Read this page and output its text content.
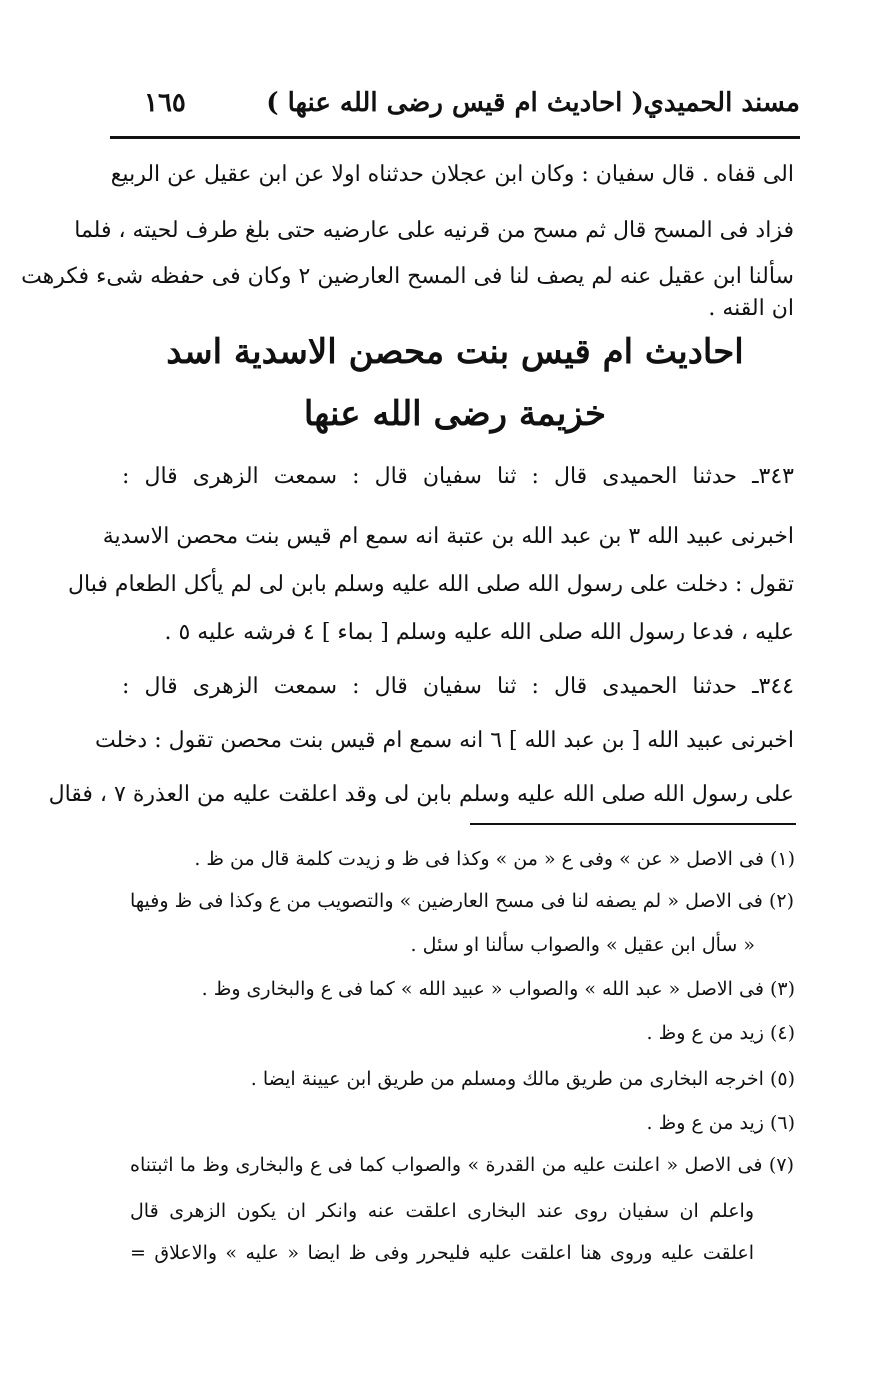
مسند الحميدي
( احاديث ام قيس رضى الله عنها )
١٦٥
الى قفاه . قال سفيان : وكان ابن عجلان حدثناه اولا عن ابن عقيل عن الربيع
فزاد فى المسح قال ثم مسح من قرنيه على عارضيه حتى بلغ طرف لحيته ، فلما
سألنا ابن عقيل عنه لم يصف لنا فى المسح العارضين ٢ وكان فى حفظه شىء فكرهت
ان القنه .
احاديث ام قيس بنت محصن الاسدية اسد
خزيمة رضى الله عنها
٣٤٣ـ حدثنا الحميدى قال : ثنا سفيان قال : سمعت الزهرى قال :
اخبرنى عبيد الله ٣ بن عبد الله بن عتبة انه سمع ام قيس بنت محصن الاسدية
تقول : دخلت على رسول الله صلى الله عليه وسلم بابن لى لم يأكل الطعام فبال
عليه ، فدعا رسول الله صلى الله عليه وسلم [ بماء ] ٤ فرشه عليه ٥ .
٣٤٤ـ حدثنا الحميدى قال : ثنا سفيان قال : سمعت الزهرى قال :
اخبرنى عبيد الله [ بن عبد الله ] ٦ انه سمع ام قيس بنت محصن تقول : دخلت
على رسول الله صلى الله عليه وسلم بابن لى وقد اعلقت عليه من العذرة ٧ ، فقال
(١) فى الاصل « عن » وفى ع « من » وكذا فى ظ و زيدت كلمة قال من ظ .
(٢) فى الاصل « لم يصفه لنا فى مسح العارضين » والتصويب من ع وكذا فى ظ وفيها
« سأل ابن عقيل » والصواب سألنا او سئل .
(٣) فى الاصل « عبد الله » والصواب « عبيد الله » كما فى ع والبخارى وظ .
(٤) زيد من ع وظ .
(٥) اخرجه البخارى من طريق مالك ومسلم من طريق ابن عيينة ايضا .
(٦) زيد من ع وظ .
(٧) فى الاصل « اعلنت عليه من القدرة » والصواب كما فى ع والبخارى وظ ما اثبتناه
واعلم ان سفيان روى عند البخارى اعلقت عنه وانكر ان يكون الزهرى قال
اعلقت عليه وروى هنا اعلقت عليه فليحرر وفى ظ ايضا « عليه » والاعلاق =
